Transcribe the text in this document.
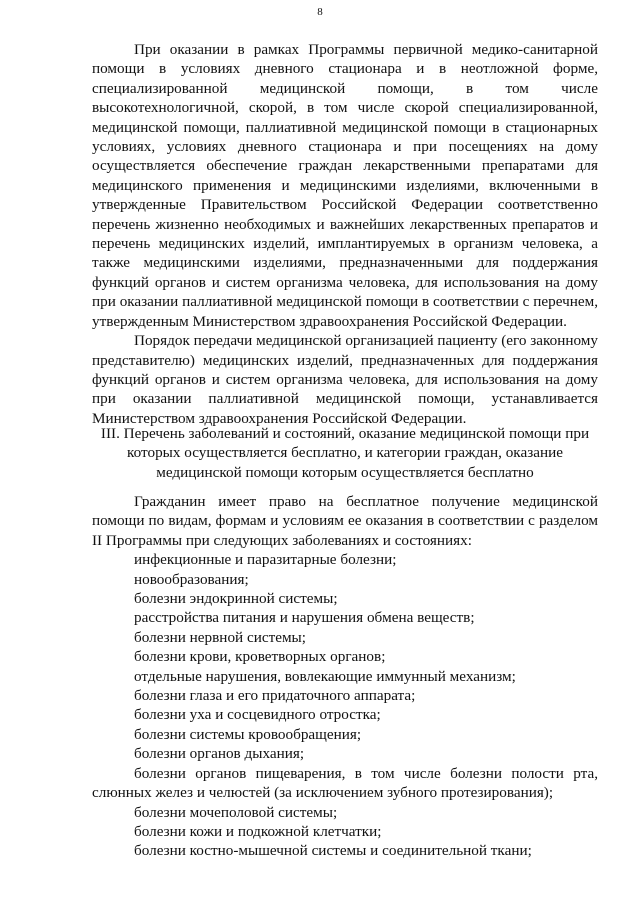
8

При оказании в рамках Программы первичной медико-санитарной помощи в условиях дневного стационара и в неотложной форме, специализированной медицинской помощи, в том числе высокотехнологичной, скорой, в том числе скорой специализированной, медицинской помощи, паллиативной медицинской помощи в стационарных условиях, условиях дневного стационара и при посещениях на дому осуществляется обеспечение граждан лекарственными препаратами для медицинского применения и медицинскими изделиями, включенными в утвержденные Правительством Российской Федерации соответственно перечень жизненно необходимых и важнейших лекарственных препаратов и перечень медицинских изделий, имплантируемых в организм человека, а также медицинскими изделиями, предназначенными для поддержания функций органов и систем организма человека, для использования на дому при оказании паллиативной медицинской помощи в соответствии с перечнем, утвержденным Министерством здравоохранения Российской Федерации.

Порядок передачи медицинской организацией пациенту (его законному представителю) медицинских изделий, предназначенных для поддержания функций органов и систем организма человека, для использования на дому при оказании паллиативной медицинской помощи, устанавливается Министерством здравоохранения Российской Федерации.

III. Перечень заболеваний и состояний, оказание медицинской помощи при которых осуществляется бесплатно, и категории граждан, оказание медицинской помощи которым осуществляется бесплатно

Гражданин имеет право на бесплатное получение медицинской помощи по видам, формам и условиям ее оказания в соответствии с разделом II Программы при следующих заболеваниях и состояниях:

инфекционные и паразитарные болезни;
новообразования;
болезни эндокринной системы;
расстройства питания и нарушения обмена веществ;
болезни нервной системы;
болезни крови, кроветворных органов;
отдельные нарушения, вовлекающие иммунный механизм;
болезни глаза и его придаточного аппарата;
болезни уха и сосцевидного отростка;
болезни системы кровообращения;
болезни органов дыхания;
болезни органов пищеварения, в том числе болезни полости рта, слюнных желез и челюстей (за исключением зубного протезирования);
болезни мочеполовой системы;
болезни кожи и подкожной клетчатки;
болезни костно-мышечной системы и соединительной ткани;
